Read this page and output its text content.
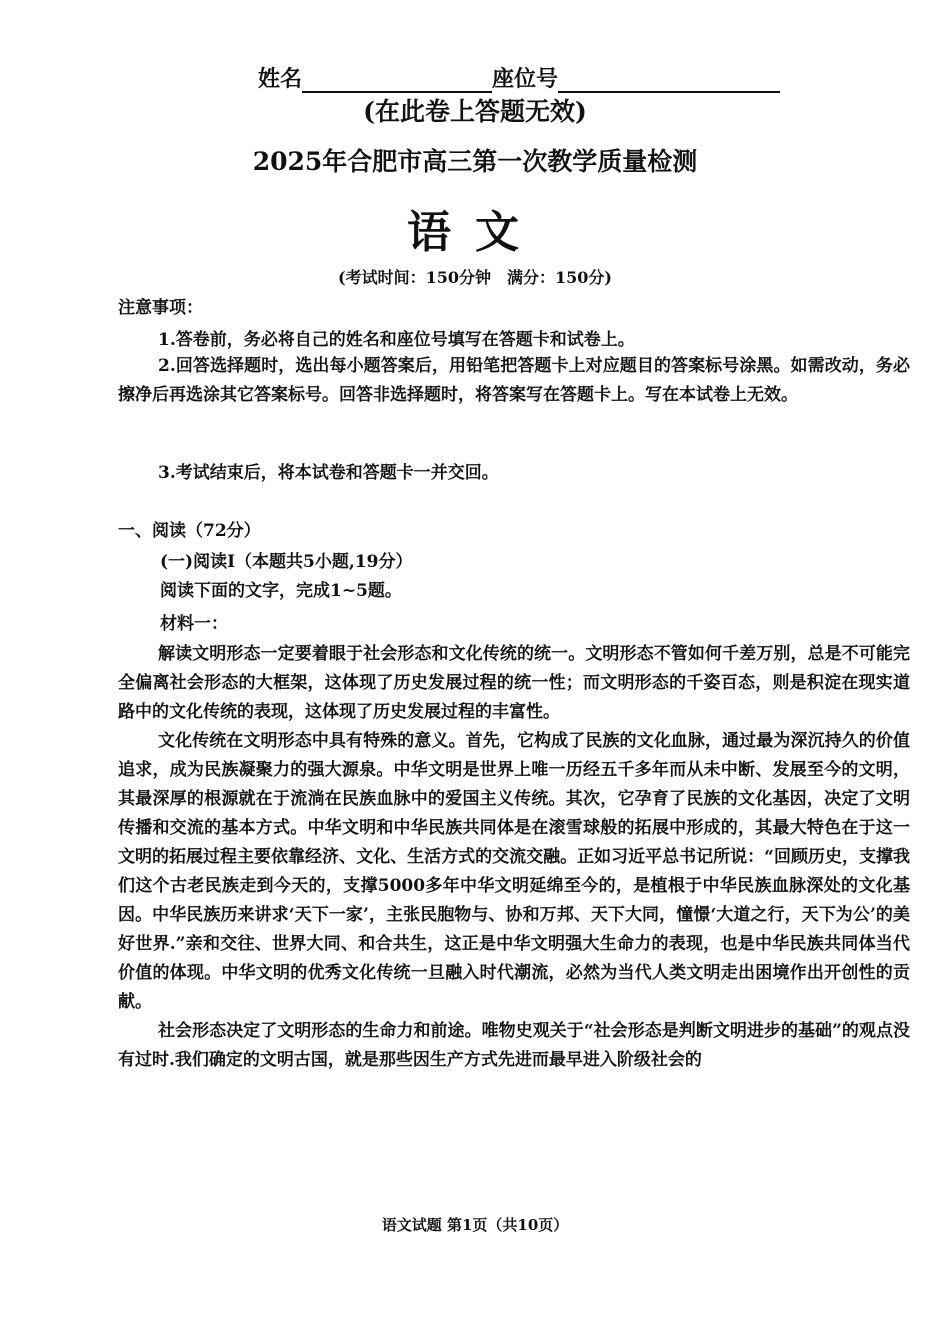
姓名	座位号
(在此卷上答题无效)
2025年合肥市高三第一次教学质量检测
语文
(考试时间：150分钟　满分：150分)
注意事项：
1.答卷前，务必将自己的姓名和座位号填写在答题卡和试卷上。
2.回答选择题时，选出每小题答案后，用铅笔把答题卡上对应题目的答案标号涂黑。如需改动，务必擦净后再选涂其它答案标号。回答非选择题时，将答案写在答题卡上。写在本试卷上无效。
3.考试结束后，将本试卷和答题卡一并交回。
一、阅读（72分）
(一)阅读Ⅰ（本题共5小题,19分）
阅读下面的文字，完成1~5题。
材料一：

解读文明形态一定要着眼于社会形态和文化传统的统一。文明形态不管如何千差万别，总是不可能完全偏离社会形态的大框架，这体现了历史发展过程的统一性；而文明形态的千姿百态，则是积淀在现实道路中的文化传统的表现，这体现了历史发展过程的丰富性。

文化传统在文明形态中具有特殊的意义。首先，它构成了民族的文化血脉，通过最为深沉持久的价值追求，成为民族凝聚力的强大源泉。中华文明是世界上唯一历经五千多年而从未中断、发展至今的文明，其最深厚的根源就在于流淌在民族血脉中的爱国主义传统。其次，它孕育了民族的文化基因，决定了文明传播和交流的基本方式。中华文明和中华民族共同体是在滚雪球般的拓展中形成的，其最大特色在于这一文明的拓展过程主要依靠经济、文化、生活方式的交流交融。正如习近平总书记所说：“回顾历史，支撑我们这个古老民族走到今天的，支撑5000多年中华文明延绵至今的，是植根于中华民族血脉深处的文化基因。中华民族历来讲求‘天下一家’，主张民胞物与、协和万邦、天下大同，憧憬‘大道之行，天下为公’的美好世界.”亲和交往、世界大同、和合共生，这正是中华文明强大生命力的表现，也是中华民族共同体当代价值的体现。中华文明的优秀文化传统一旦融入时代潮流，必然为当代人类文明走出困境作出开创性的贡献。

社会形态决定了文明形态的生命力和前途。唯物史观关于“社会形态是判断文明进步的基础”的观点没有过时.我们确定的文明古国，就是那些因生产方式先进而最早进入阶级社会的

语文试题 第1页（共10页）
